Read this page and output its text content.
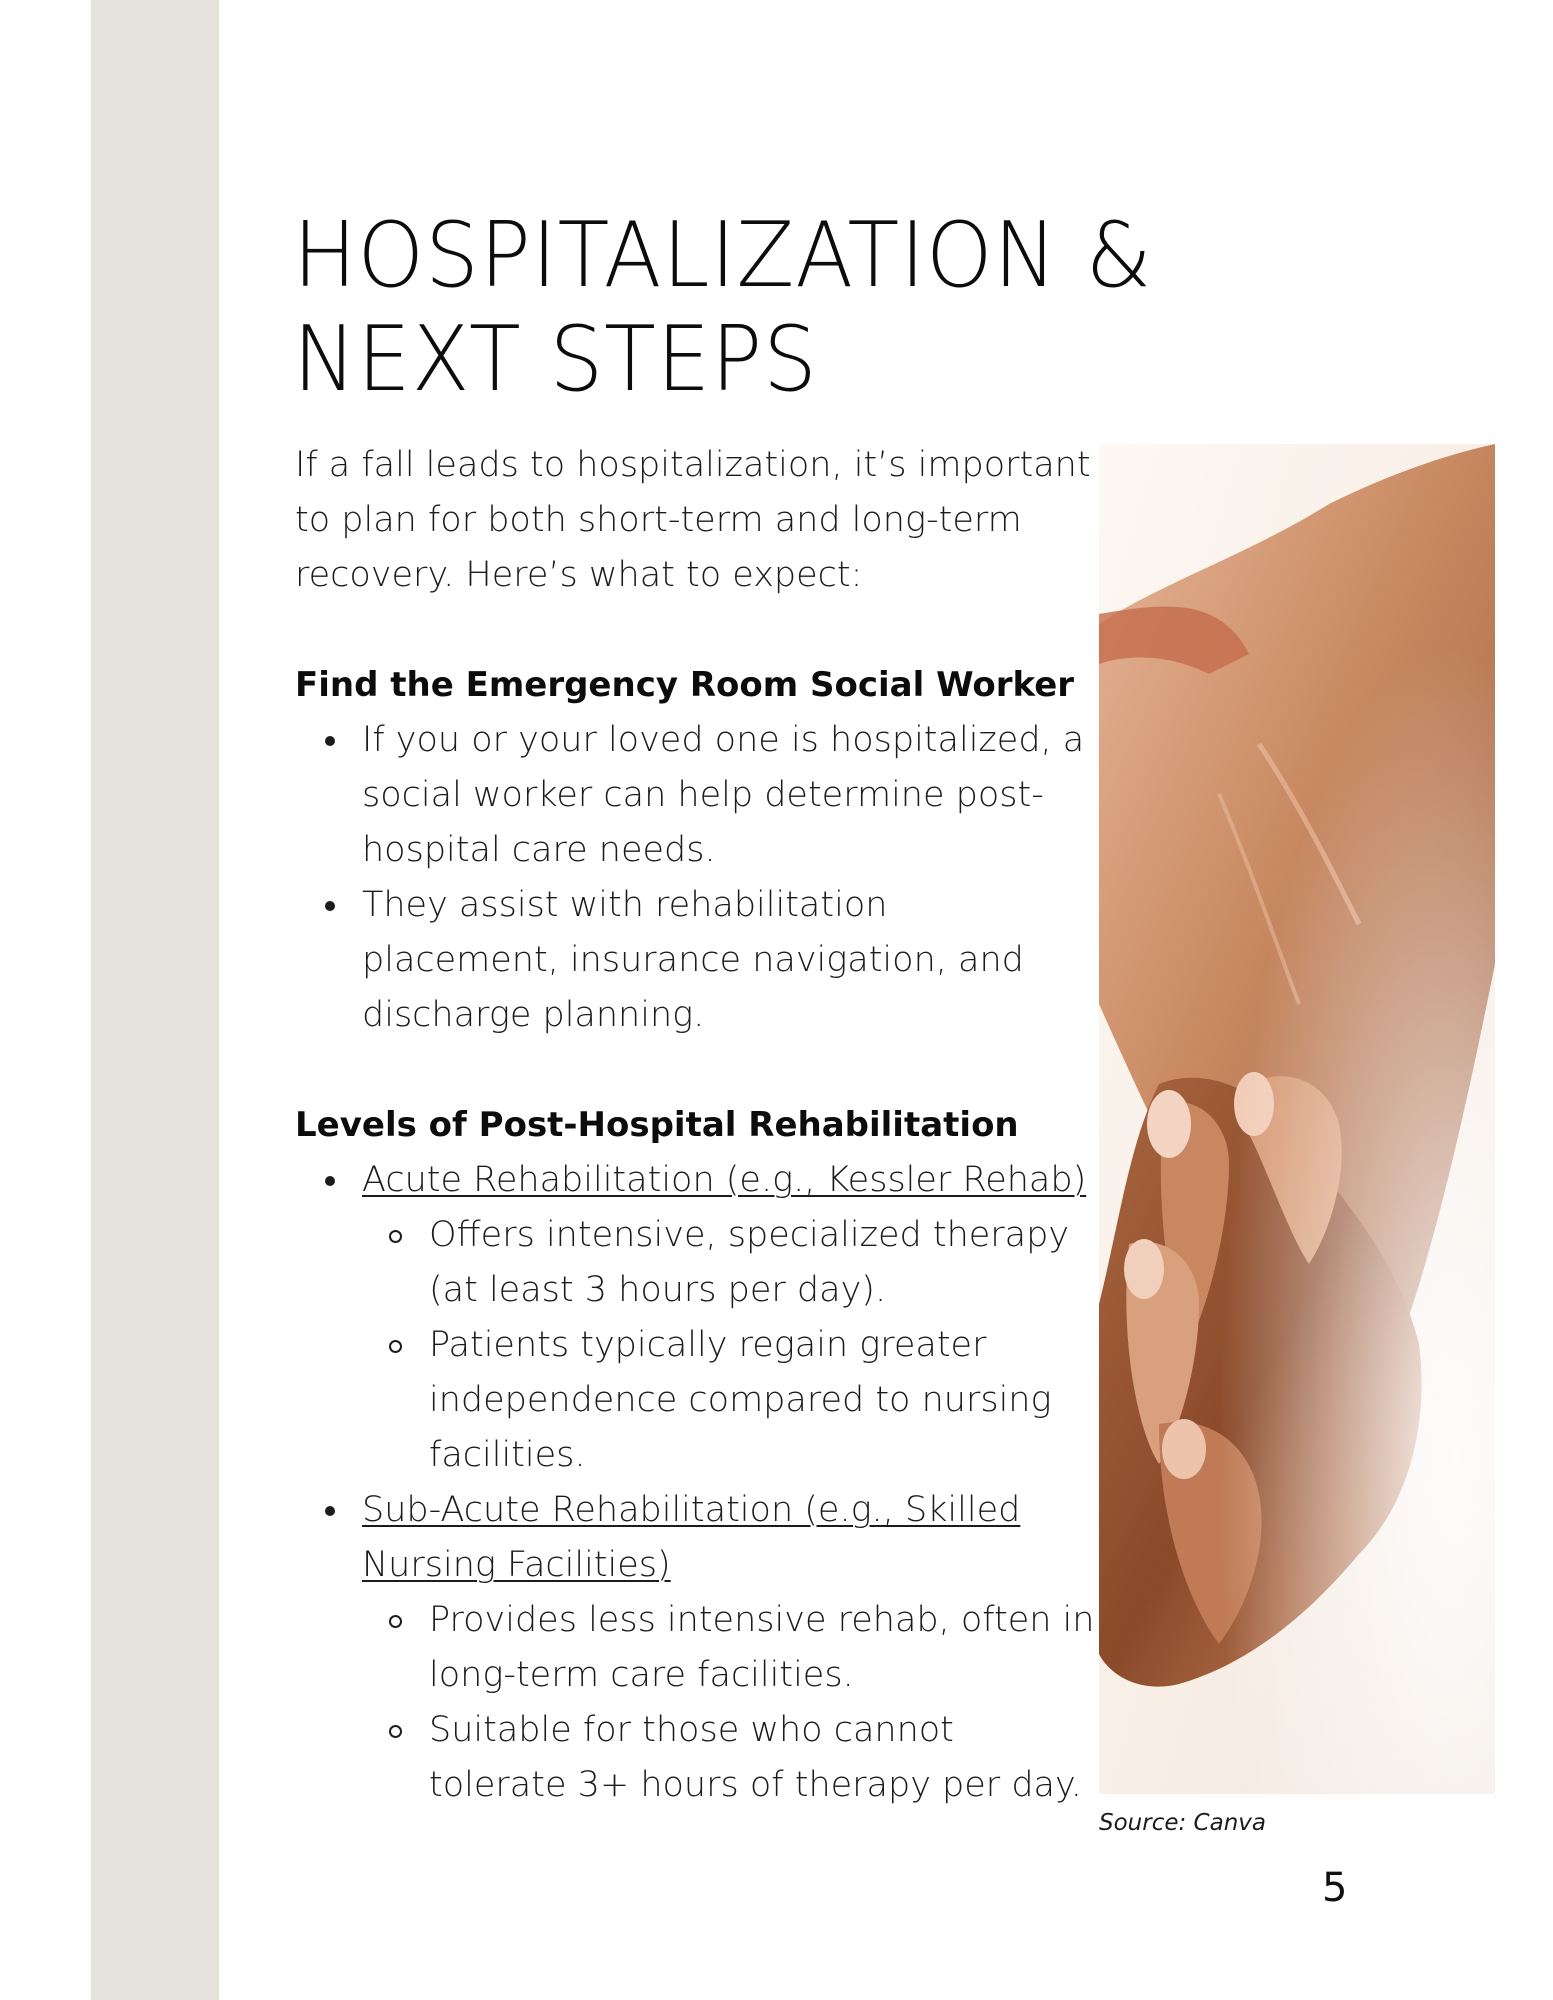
HOSPITALIZATION &
NEXT STEPS

If a fall leads to hospitalization, it’s important to plan for both short-term and long-term recovery. Here’s what to expect:

Find the Emergency Room Social Worker

If you or your loved one is hospitalized, a social worker can help determine post-hospital care needs.
They assist with rehabilitation placement, insurance navigation, and discharge planning.

Levels of Post-Hospital Rehabilitation

Acute Rehabilitation (e.g., Kessler Rehab)
Offers intensive, specialized therapy (at least 3 hours per day).
Patients typically regain greater independence compared to nursing facilities.
Sub-Acute Rehabilitation (e.g., Skilled Nursing Facilities)
Provides less intensive rehab, often in long-term care facilities.
Suitable for those who cannot tolerate 3+ hours of therapy per day.

Source: Canva

5
